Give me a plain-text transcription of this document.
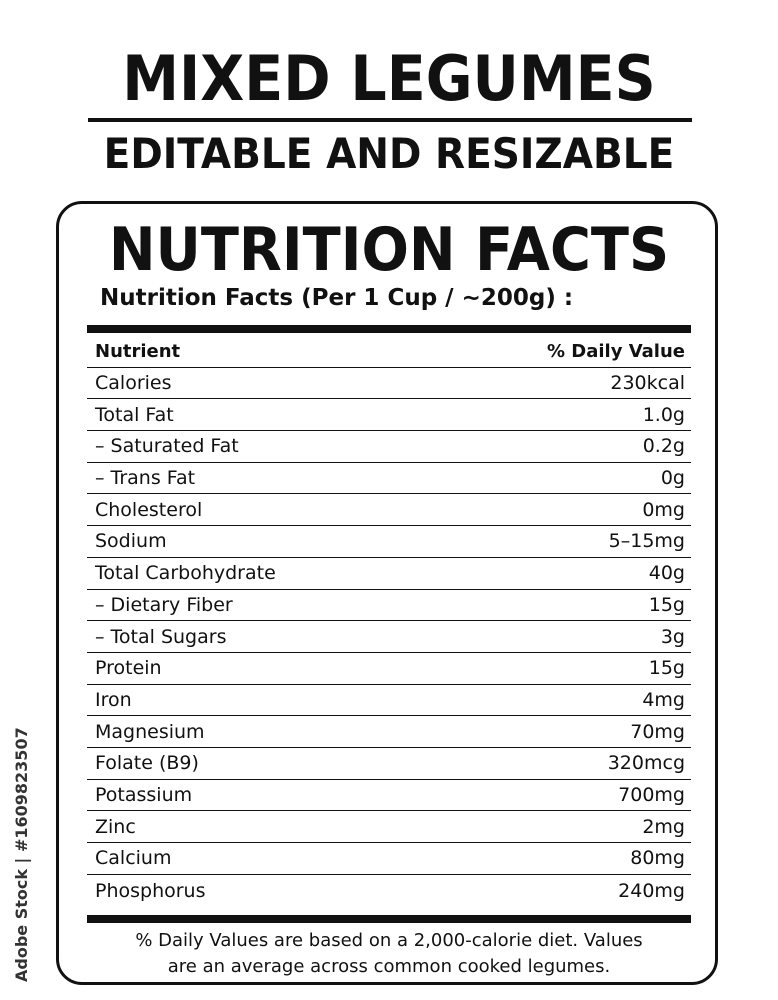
MIXED LEGUMES
EDITABLE AND RESIZABLE
NUTRITION FACTS
Nutrition Facts (Per 1 Cup / ~200g) :
Nutrient	% Daily Value
Calories	230kcal
Total Fat	1.0g
– Saturated Fat	0.2g
– Trans Fat	0g
Cholesterol	0mg
Sodium	5–15mg
Total Carbohydrate	40g
– Dietary Fiber	15g
– Total Sugars	3g
Protein	15g
Iron	4mg
Magnesium	70mg
Folate (B9)	320mcg
Potassium	700mg
Zinc	2mg
Calcium	80mg
Phosphorus	240mg
% Daily Values are based on a 2,000-calorie diet. Values
are an average across common cooked legumes.
Adobe Stock | #1609823507
